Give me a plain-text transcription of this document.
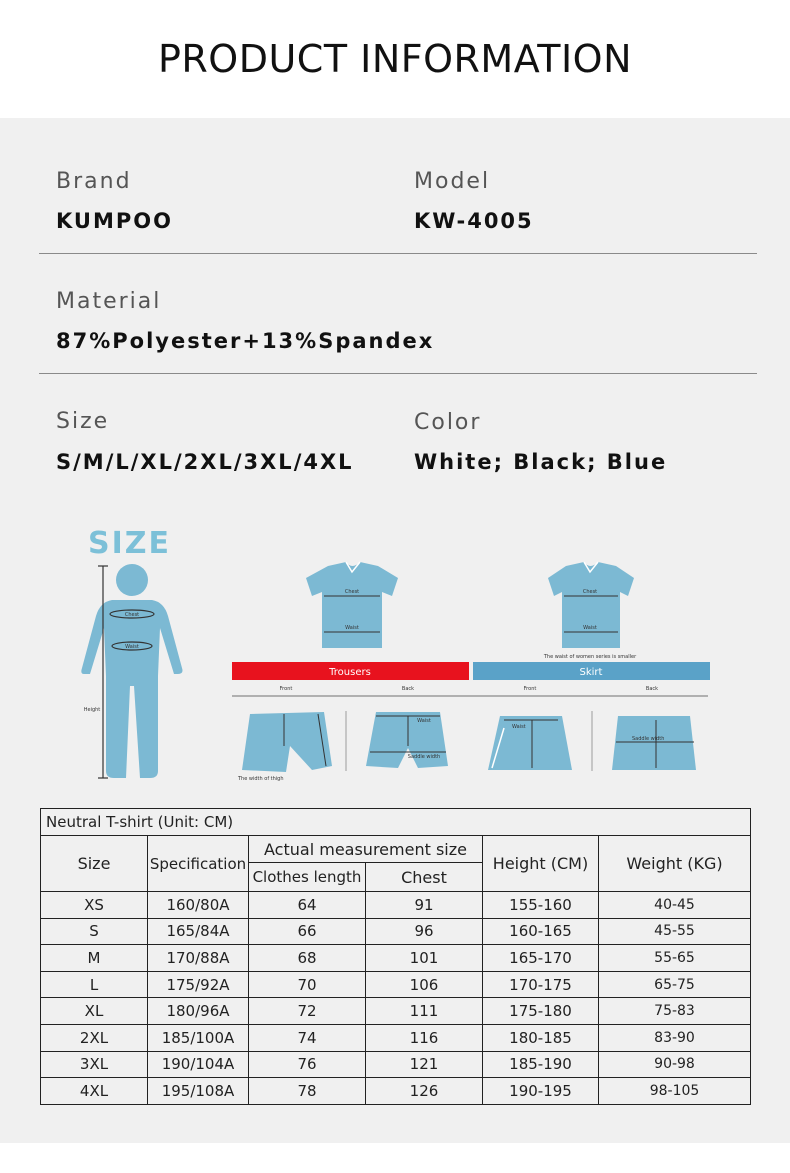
PRODUCT INFORMATION
Brand
KUMPOO
Model
KW-4005
Material
87%Polyester+13%Spandex
Size
S/M/L/XL/2XL/3XL/4XL
Color
White; Black; Blue
SIZE
Chest
Waist
Height
Chest
Waist
Chest
Waist
The waist of women series is smaller
Trousers	Skirt
Front	Back	Front	Back
The width of thigh
Waist
Saddle width
Waist
Saddle width
Neutral T-shirt (Unit: CM)					
Size	Specification	Actual measurement size		Height (CM)	Weight (KG)
		Clothes length	Chest		
XS	160/80A	64	91	155-160	40-45
S	165/84A	66	96	160-165	45-55
M	170/88A	68	101	165-170	55-65
L	175/92A	70	106	170-175	65-75
XL	180/96A	72	111	175-180	75-83
2XL	185/100A	74	116	180-185	83-90
3XL	190/104A	76	121	185-190	90-98
4XL	195/108A	78	126	190-195	98-105
